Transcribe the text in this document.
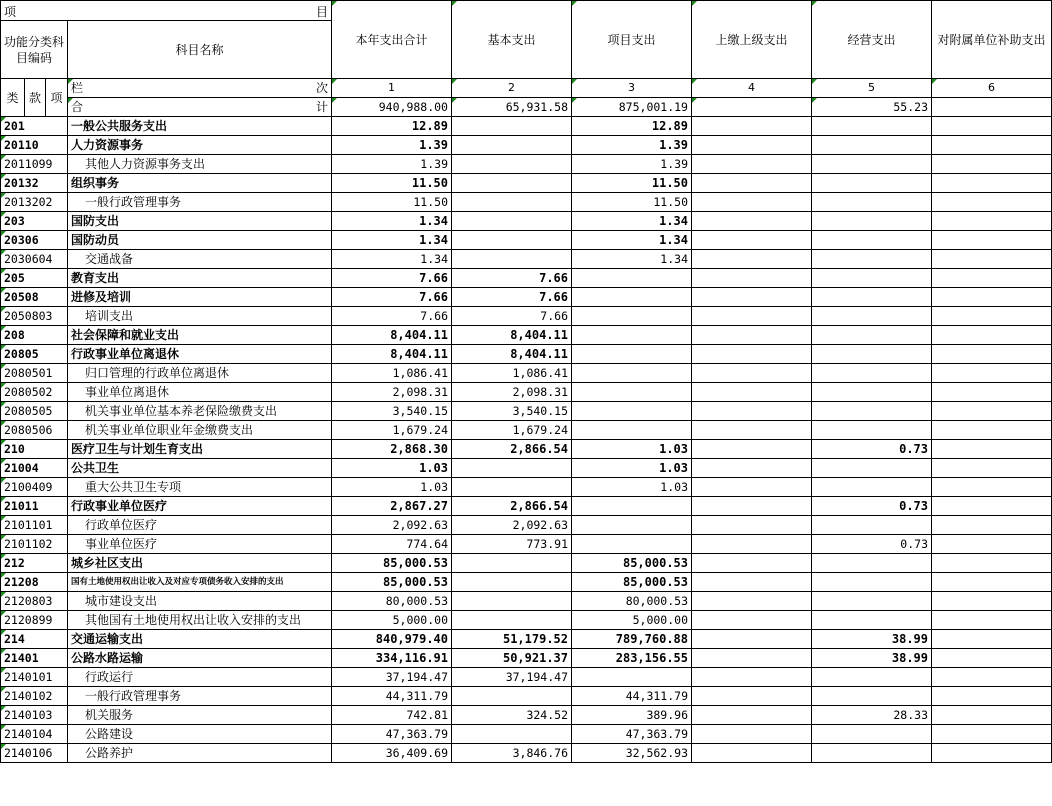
项 目				本年支出合计	基本支出	项目支出	上缴上级支出	经营支出	对附属单位补助支出
功能分类科目编码			科目名称						

类	款	项	栏 次	1	2	3	4	5	6

			合 计	940,988.00	65,931.58	875,001.19		55.23	
201			一般公共服务支出	12.89		12.89			
20110			人力资源事务	1.39		1.39			
2011099			其他人力资源事务支出	1.39		1.39			
20132			组织事务	11.50		11.50			
2013202			一般行政管理事务	11.50		11.50			
203			国防支出	1.34		1.34			
20306			国防动员	1.34		1.34			
2030604			交通战备	1.34		1.34			
205			教育支出	7.66	7.66				
20508			进修及培训	7.66	7.66				
2050803			培训支出	7.66	7.66				
208			社会保障和就业支出	8,404.11	8,404.11				
20805			行政事业单位离退休	8,404.11	8,404.11				
2080501			归口管理的行政单位离退休	1,086.41	1,086.41				
2080502			事业单位离退休	2,098.31	2,098.31				
2080505			机关事业单位基本养老保险缴费支出	3,540.15	3,540.15				
2080506			机关事业单位职业年金缴费支出	1,679.24	1,679.24				
210			医疗卫生与计划生育支出	2,868.30	2,866.54	1.03		0.73	
21004			公共卫生	1.03		1.03			
2100409			重大公共卫生专项	1.03		1.03			
21011			行政事业单位医疗	2,867.27	2,866.54			0.73	
2101101			行政单位医疗	2,092.63	2,092.63				
2101102			事业单位医疗	774.64	773.91			0.73	
212			城乡社区支出	85,000.53		85,000.53			
21208			国有土地使用权出让收入及对应专项债务收入安排的支出	85,000.53		85,000.53			
2120803			城市建设支出	80,000.53		80,000.53			
2120899			其他国有土地使用权出让收入安排的支出	5,000.00		5,000.00			
214			交通运输支出	840,979.40	51,179.52	789,760.88		38.99	
21401			公路水路运输	334,116.91	50,921.37	283,156.55		38.99	
2140101			行政运行	37,194.47	37,194.47				
2140102			一般行政管理事务	44,311.79		44,311.79			
2140103			机关服务	742.81	324.52	389.96		28.33	
2140104			公路建设	47,363.79		47,363.79			
2140106			公路养护	36,409.69	3,846.76	32,562.93			
